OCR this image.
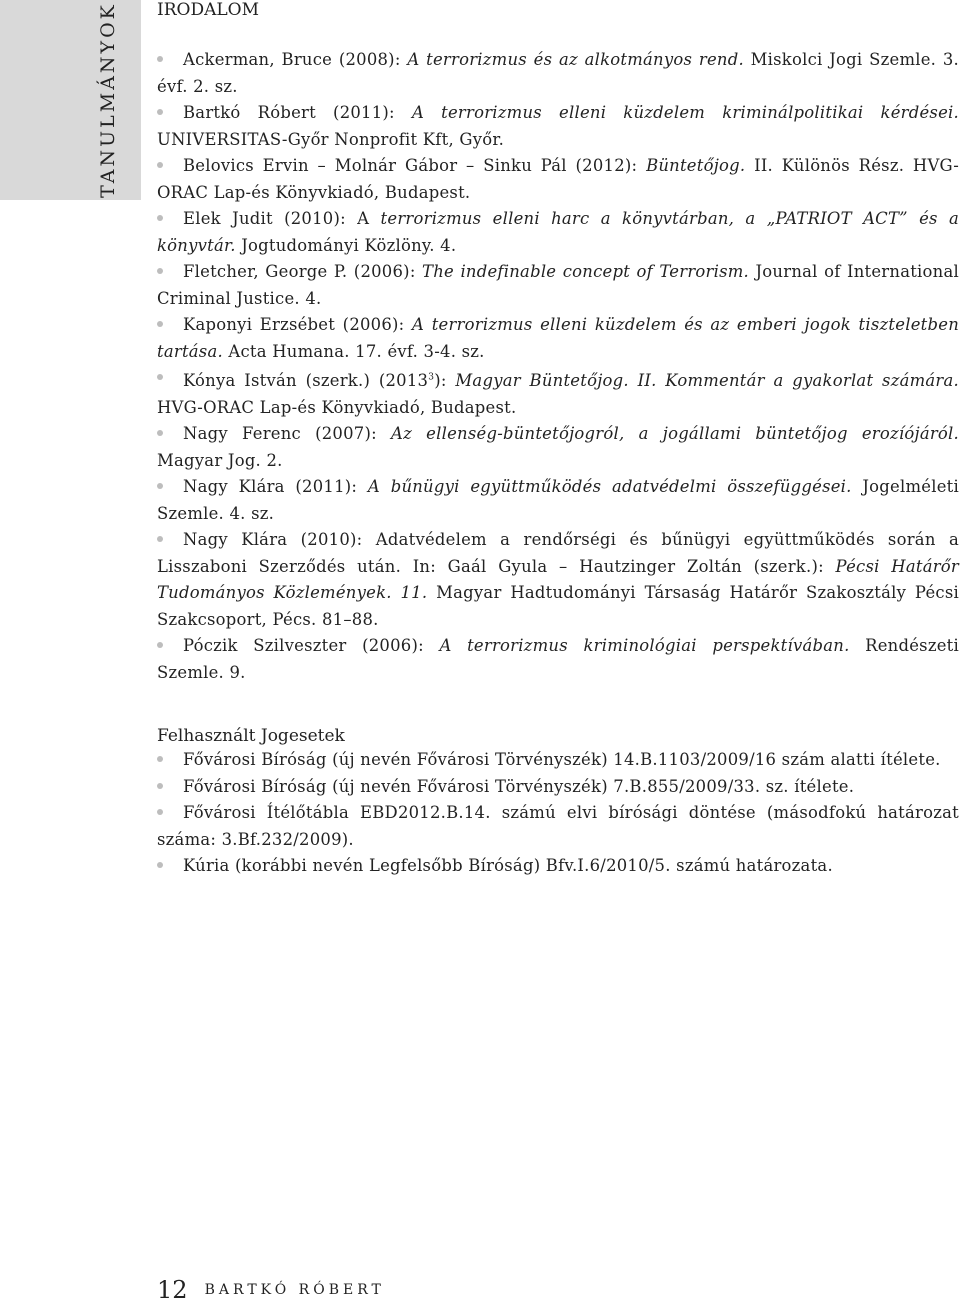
TANULMÁNYOK IRODALOM
Ackerman, Bruce (2008): A terrorizmus és az alkotmányos rend. Miskolci Jogi Szemle. 3. évf. 2. sz.
Bartkó Róbert (2011): A terrorizmus elleni küzdelem kriminálpolitikai kérdései. UNIVERSITAS-Győr Nonprofit Kft, Győr.
Belovics Ervin – Molnár Gábor – Sinku Pál (2012): Büntetőjog. II. Különös Rész. HVG-ORAC Lap-és Könyvkiadó, Budapest.
Elek Judit (2010): A terrorizmus elleni harc a könyvtárban, a „PATRIOT ACT” és a könyvtár. Jogtudományi Közlöny. 4.
Fletcher, George P. (2006): The indefinable concept of Terrorism. Journal of International Criminal Justice. 4.
Kaponyi Erzsébet (2006): A terrorizmus elleni küzdelem és az emberi jogok tiszteletben tartása. Acta Humana. 17. évf. 3-4. sz.
Kónya István (szerk.) (2013$^3$): Magyar Büntetőjog. II. Kommentár a gyakorlat számára. HVG-ORAC Lap-és Könyvkiadó, Budapest.
Nagy Ferenc (2007): Az ellenség-büntetőjogról, a jogállami büntetőjog erozíójáról. Magyar Jog. 2.
Nagy Klára (2011): A bűnügyi együttműködés adatvédelmi összefüggései. Jogelméleti Szemle. 4. sz.
Nagy Klára (2010): Adatvédelem a rendőrségi és bűnügyi együttműködés során a Lisszaboni Szerződés után. In: Gaál Gyula – Hautzinger Zoltán (szerk.): Pécsi Határőr Tudományos Közlemények. 11. Magyar Hadtudományi Társaság Határőr Szakosztály Pécsi Szakcsoport, Pécs. 81–88.
Póczik Szilveszter (2006): A terrorizmus kriminológiai perspektívában. Rendészeti Szemle. 9.
Felhasznált Jogesetek
Fővárosi Bíróság (új nevén Fővárosi Törvényszék) 14.B.1103/2009/16 szám alatti ítélete.
Fővárosi Bíróság (új nevén Fővárosi Törvényszék) 7.B.855/2009/33. sz. ítélete.
Fővárosi Ítélőtábla EBD2012.B.14. számú elvi bírósági döntése (másodfokú határozat száma: 3.Bf.232/2009).
Kúria (korábbi nevén Legfelsőbb Bíróság) Bfv.I.6/2010/5. számú határozata.
12 BARTKÓ RÓBERT
